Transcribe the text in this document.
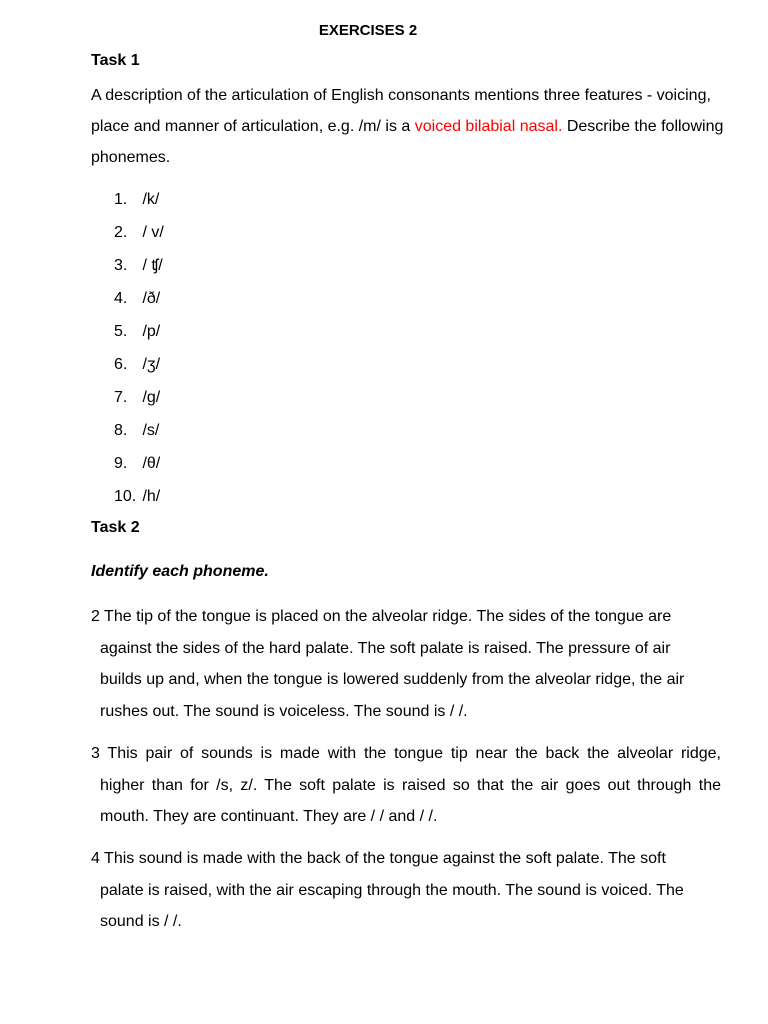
EXERCISES 2
Task 1
A description of the articulation of English consonants mentions three features - voicing, place and manner of articulation, e.g. /m/ is a voiced bilabial nasal. Describe the following phonemes.
1. /k/
2. / v/
3. / ʧ/
4. /ð/
5. /p/
6. /ʒ/
7. /g/
8. /s/
9. /θ/
10. /h/
Task 2
Identify each phoneme.
2 The tip of the tongue is placed on the alveolar ridge. The sides of the tongue are
against the sides of the hard palate. The soft palate is raised. The pressure of air
builds up and, when the tongue is lowered suddenly from the alveolar ridge, the air
rushes out. The sound is voiceless. The sound is / /.
3 This pair of sounds is made with the tongue tip near the back the alveolar ridge,
higher than for /s, z/. The soft palate is raised so that the air goes out through the
mouth. They are continuant. They are / / and / /.
4 This sound is made with the back of the tongue against the soft palate. The soft
palate is raised, with the air escaping through the mouth. The sound is voiced. The
sound is / /.
